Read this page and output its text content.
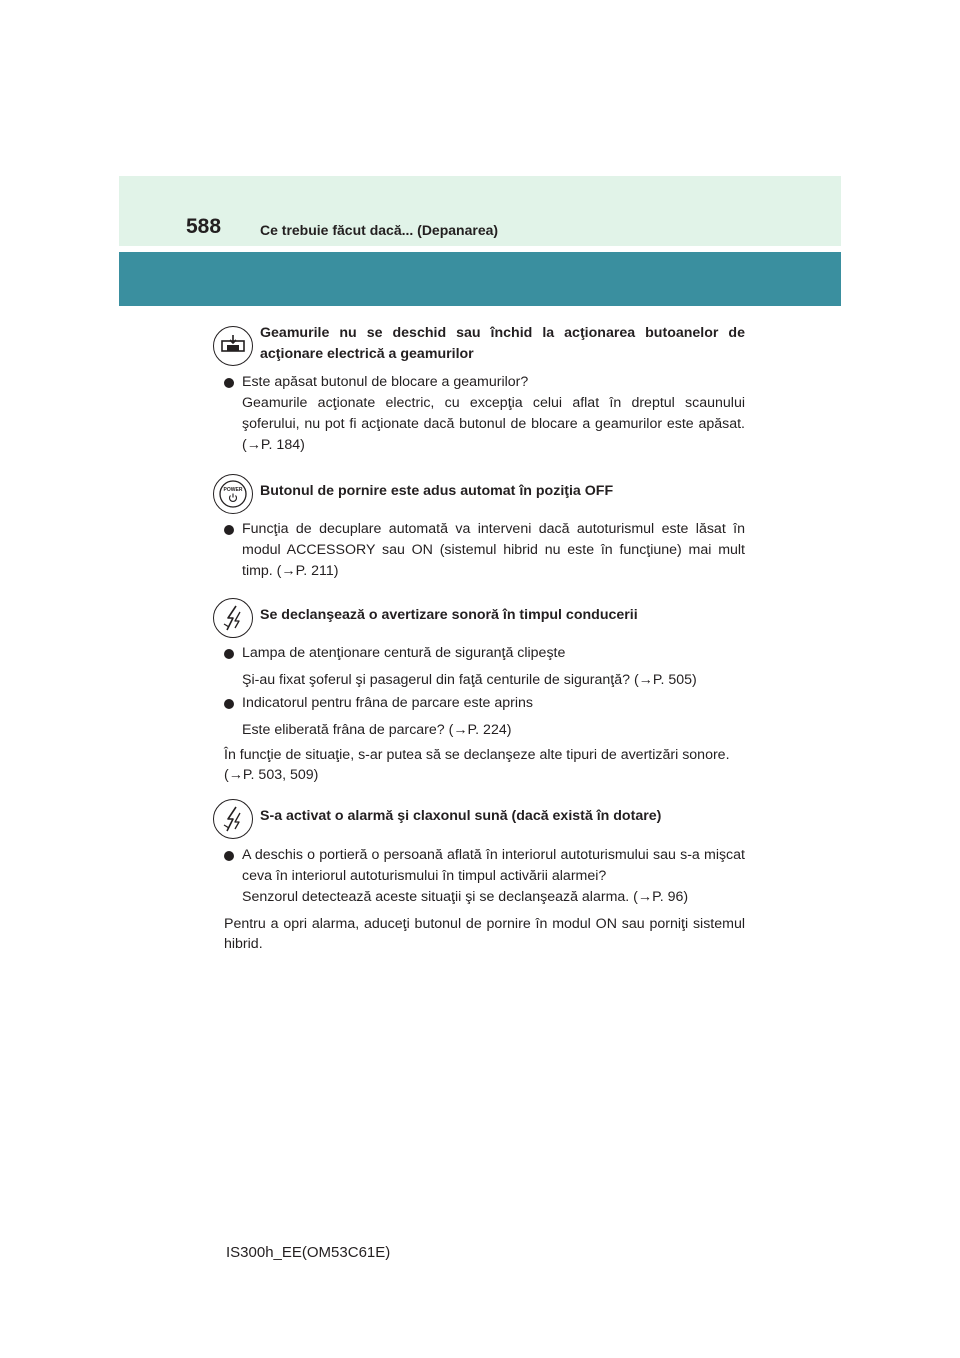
588	Ce trebuie făcut dacă... (Depanarea)
Geamurile nu se deschid sau închid la acţionarea butoanelor de
acţionare electrică a geamurilor
Este apăsat butonul de blocare a geamurilor?
Geamurile acţionate electric, cu excepţia celui aflat în dreptul scaunului
şoferului, nu pot fi acţionate dacă butonul de blocare a geamurilor este apăsat.
(→P. 184)
POWER Butonul de pornire este adus automat în poziţia OFF
Funcţia de decuplare automată va interveni dacă autoturismul este lăsat în
modul ACCESSORY sau ON (sistemul hibrid nu este în funcţiune) mai mult
timp. (→P. 211)
Se declanşează o avertizare sonoră în timpul conducerii
Lampa de atenţionare centură de siguranţă clipeşte
Şi-au fixat şoferul şi pasagerul din faţă centurile de siguranţă? (→P. 505)
Indicatorul pentru frâna de parcare este aprins
Este eliberată frâna de parcare? (→P. 224)
În funcţie de situaţie, s-ar putea să se declanşeze alte tipuri de avertizări sonore.
(→P. 503, 509)
S-a activat o alarmă şi claxonul sună (dacă există în dotare)
A deschis o portieră o persoană aflată în interiorul autoturismului sau s-a mişcat
ceva în interiorul autoturismului în timpul activării alarmei?
Senzorul detectează aceste situaţii şi se declanşează alarma. (→P. 96)
Pentru a opri alarma, aduceţi butonul de pornire în modul ON sau porniţi sistemul
hibrid.
IS300h_EE(OM53C61E)
